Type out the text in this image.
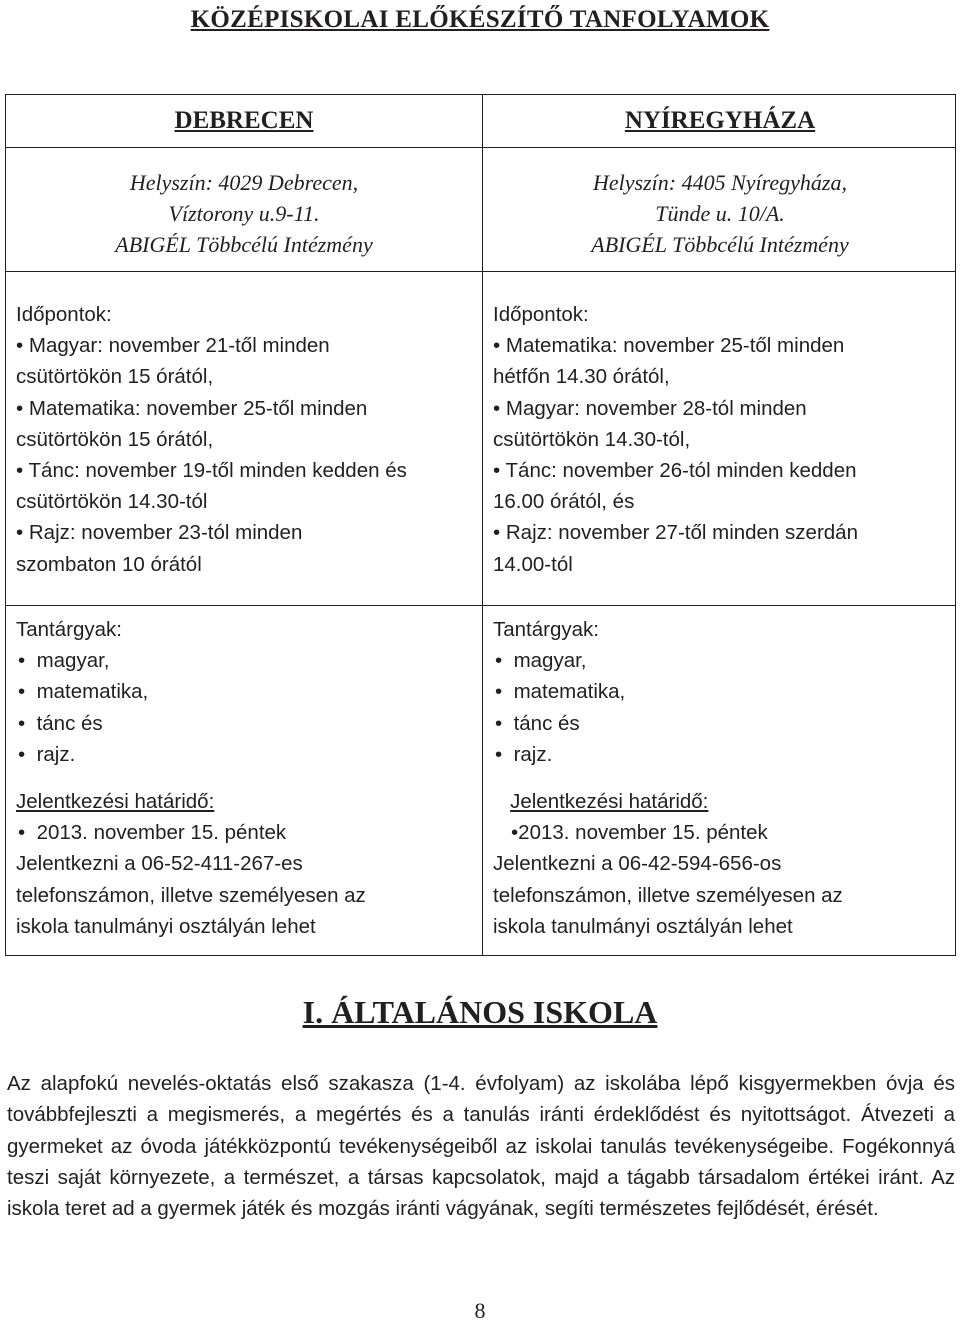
KÖZÉPISKOLAI ELŐKÉSZÍTŐ TANFOLYAMOK
DEBRECEN
Helyszín: 4029 Debrecen,
Víztorony u.9-11.
ABIGÉL Többcélú Intézmény
Időpontok:
• Magyar: november 21-től minden
csütörtökön 15 órától,
• Matematika: november 25-től minden
csütörtökön 15 órától,
• Tánc: november 19-től minden kedden és
csütörtökön 14.30-tól
• Rajz: november 23-tól minden
szombaton 10 órától
Tantárgyak:
•  magyar,
•  matematika,
•  tánc és
•  rajz.
Jelentkezési határidő:
•  2013. november 15. péntek
Jelentkezni a 06-52-411-267-es
telefonszámon, illetve személyesen az
iskola tanulmányi osztályán lehet
NYÍREGYHÁZA
Helyszín: 4405 Nyíregyháza,
Tünde u. 10/A.
ABIGÉL Többcélú Intézmény
Időpontok:
• Matematika: november 25-től minden
hétfőn 14.30 órától,
• Magyar: november 28-tól minden
csütörtökön 14.30-tól,
• Tánc: november 26-tól minden kedden
16.00 órától, és
• Rajz: november 27-től minden szerdán
14.00-tól
Tantárgyak:
•  magyar,
•  matematika,
•  tánc és
•  rajz.
Jelentkezési határidő:
•2013. november 15. péntek
Jelentkezni a 06-42-594-656-os
telefonszámon, illetve személyesen az
iskola tanulmányi osztályán lehet
I. ÁLTALÁNOS ISKOLA
Az alapfokú nevelés-oktatás első szakasza (1-4. évfolyam) az iskolába lépő kisgyermekben óvja és továbbfejleszti a megismerés, a megértés és a tanulás iránti érdeklődést és nyitottságot. Átvezeti a gyermeket az óvoda játékközpontú tevékenységeiből az iskolai tanulás tevékenységeibe. Fogékonnyá teszi saját környezete, a természet, a társas kapcsolatok, majd a tágabb társadalom értékei iránt. Az iskola teret ad a gyermek játék és mozgás iránti vágyának, segíti természetes fejlődését, érését.
8
